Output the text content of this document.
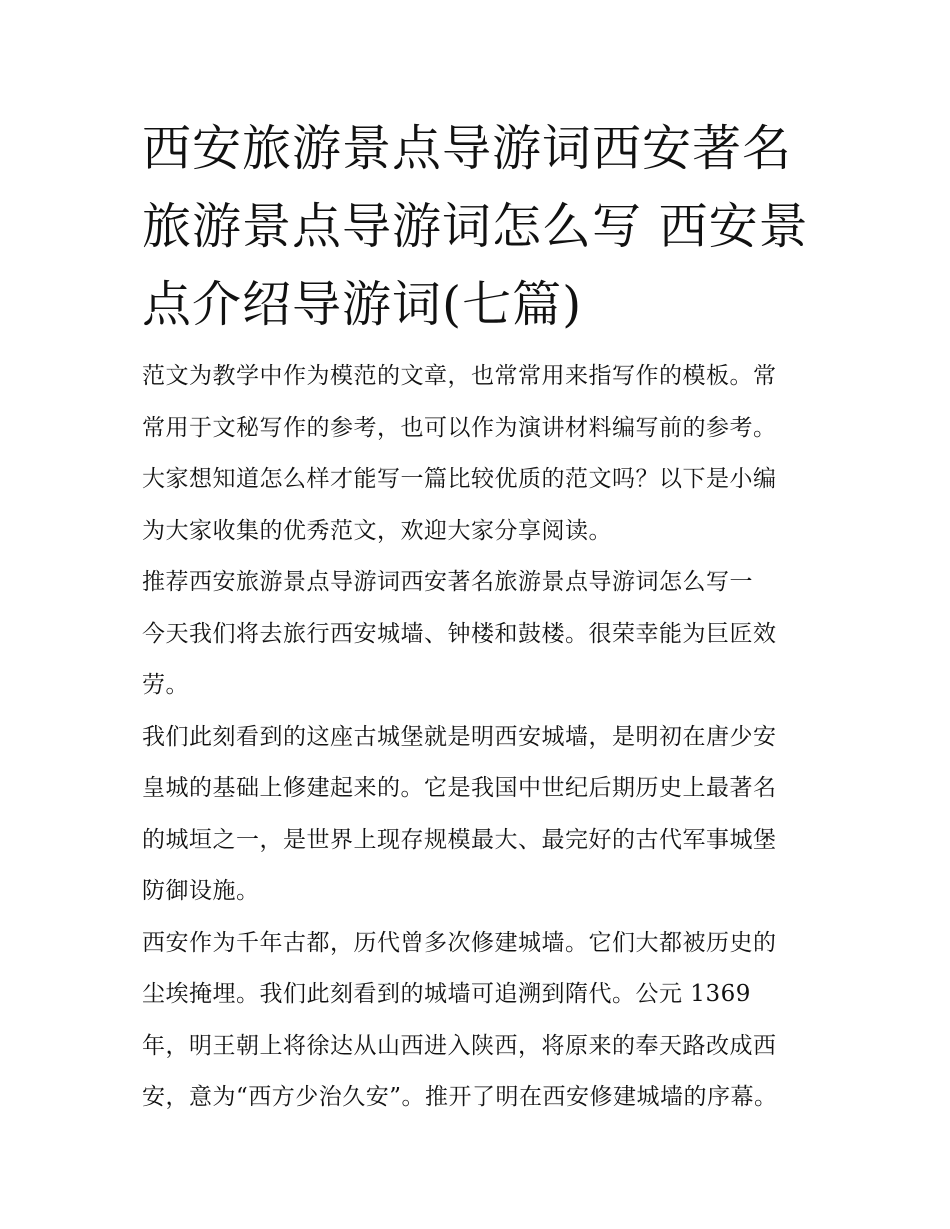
西安旅游景点导游词西安著名
旅游景点导游词怎么写 西安景
点介绍导游词(七篇)
范文为教学中作为模范的文章，也常常用来指写作的模板。常
常用于文秘写作的参考，也可以作为演讲材料编写前的参考。
大家想知道怎么样才能写一篇比较优质的范文吗？以下是小编
为大家收集的优秀范文，欢迎大家分享阅读。
推荐西安旅游景点导游词西安著名旅游景点导游词怎么写一
今天我们将去旅行西安城墙、钟楼和鼓楼。很荣幸能为巨匠效
劳。
我们此刻看到的这座古城堡就是明西安城墙，是明初在唐少安
皇城的基础上修建起来的。它是我国中世纪后期历史上最著名
的城垣之一，是世界上现存规模最大、最完好的古代军事城堡
防御设施。
西安作为千年古都，历代曾多次修建城墙。它们大都被历史的
尘埃掩埋。我们此刻看到的城墙可追溯到隋代。公元 1369
年，明王朝上将徐达从山西进入陕西，将原来的奉天路改成西
安，意为“西方少治久安”。推开了明在西安修建城墙的序幕。
